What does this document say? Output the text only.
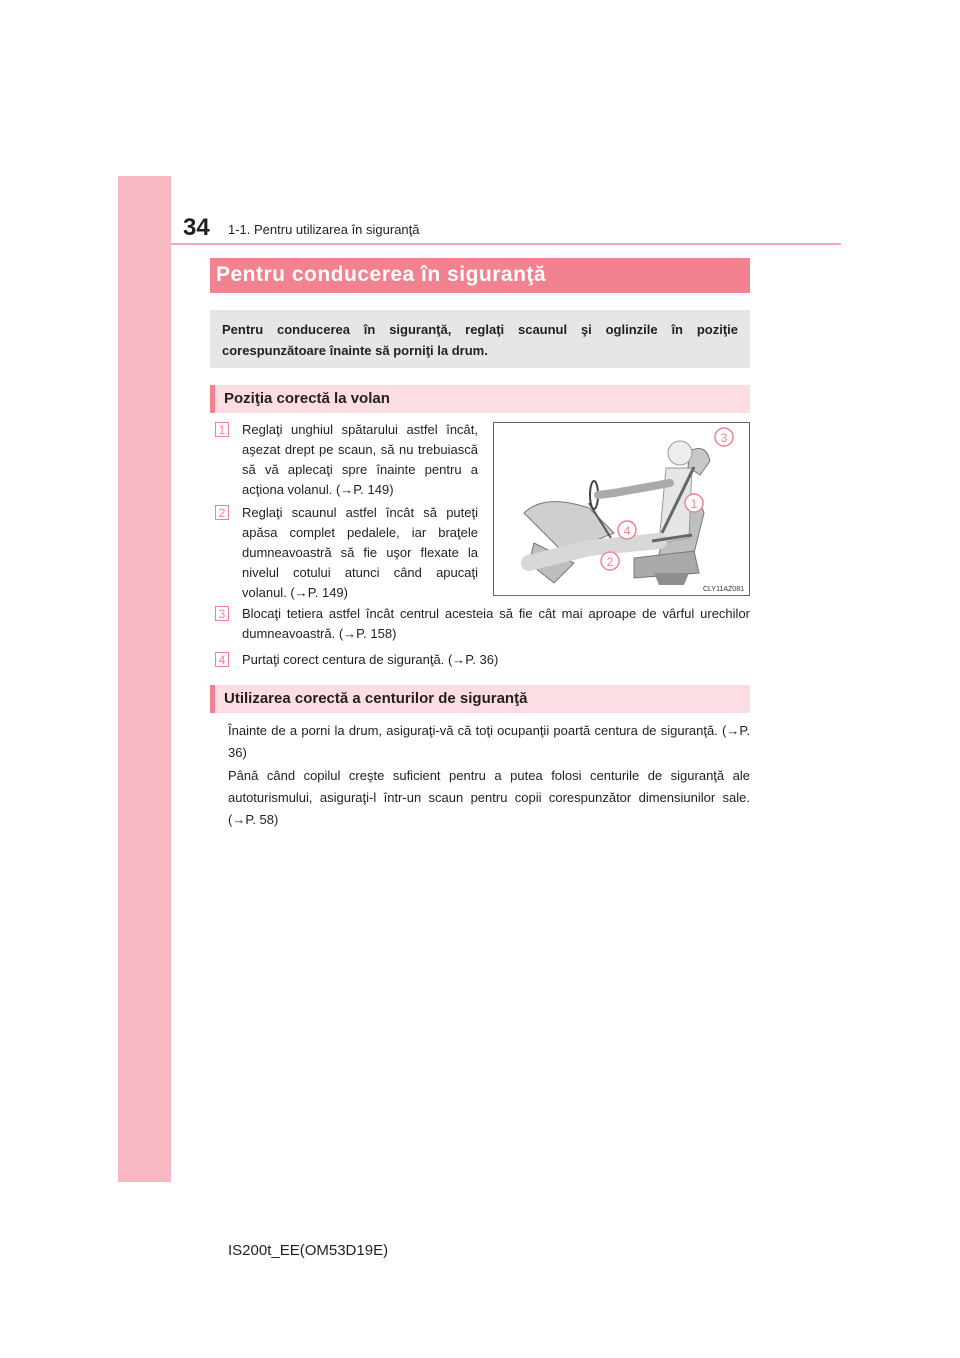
34 1-1. Pentru utilizarea în siguranţă
Pentru conducerea în siguranţă
Pentru conducerea în siguranţă, reglaţi scaunul şi oglinzile în poziţie corespunzătoare înainte să porniţi la drum.
Poziţia corectă la volan
1 Reglaţi unghiul spătarului astfel încât, aşezat drept pe scaun, să nu trebuiască să vă aplecaţi spre înainte pentru a acţiona volanul. (→P. 149)
2 Reglaţi scaunul astfel încât să puteţi apăsa complet pedalele, iar braţele dumneavoastră să fie uşor flexate la nivelul cotului atunci când apucaţi volanul. (→P. 149)
3
1
4
2
CLY11AZ081
3 Blocaţi tetiera astfel încât centrul acesteia să fie cât mai aproape de vârful urechilor dumneavoastră. (→P. 158)
4 Purtaţi corect centura de siguranţă. (→P. 36)
Utilizarea corectă a centurilor de siguranţă
Înainte de a porni la drum, asiguraţi-vă că toţi ocupanţii poartă centura de siguranţă. (→P. 36)
Până când copilul creşte suficient pentru a putea folosi centurile de siguranţă ale autoturismului, asiguraţi-l într-un scaun pentru copii corespunzător dimensiunilor sale. (→P. 58)
IS200t_EE(OM53D19E)
